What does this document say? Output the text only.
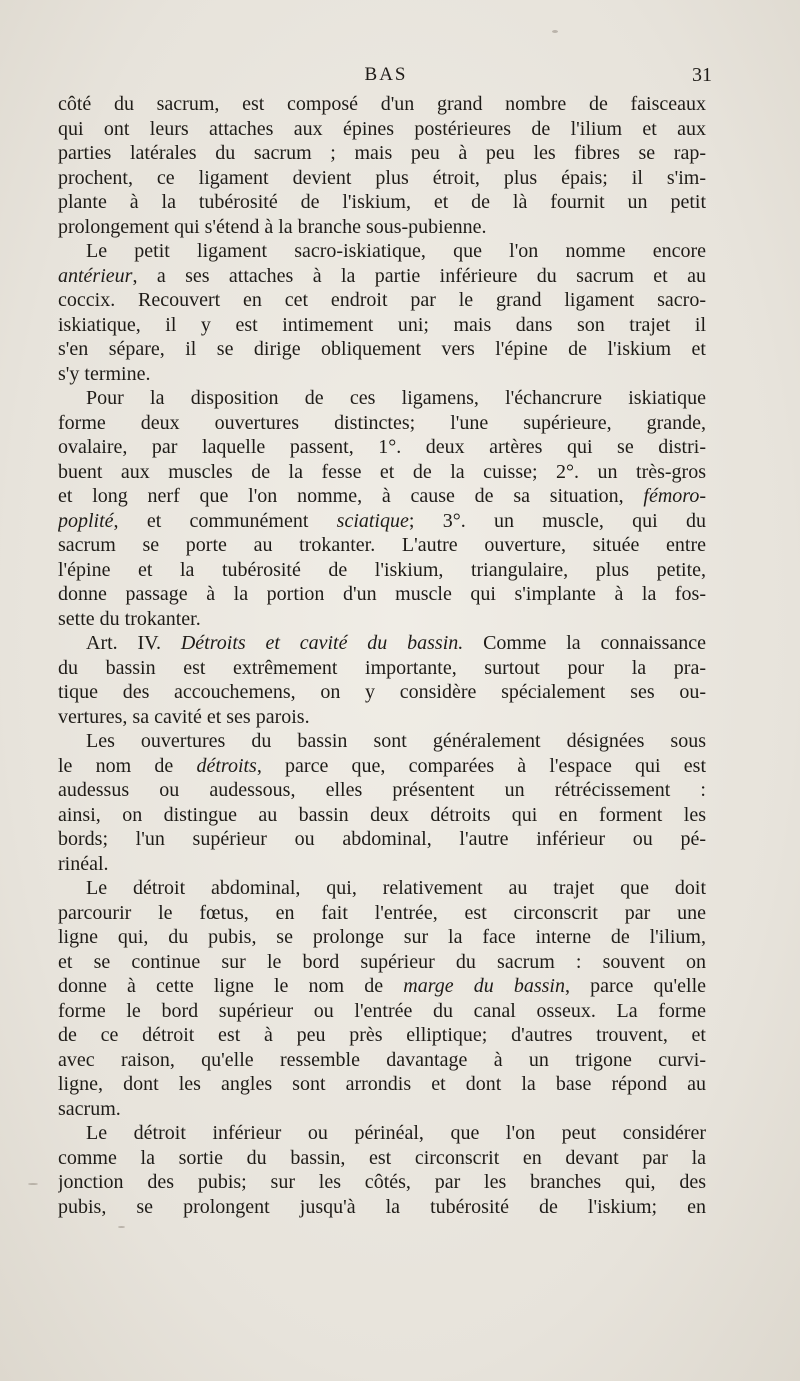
BAS	31
côté du sacrum, est composé d'un grand nombre de faisceaux
qui ont leurs attaches aux épines postérieures de l'ilium et aux
parties latérales du sacrum ; mais peu à peu les fibres se rap-
prochent, ce ligament devient plus étroit, plus épais; il s'im-
plante à la tubérosité de l'iskium, et de là fournit un petit
prolongement qui s'étend à la branche sous-pubienne.
Le petit ligament sacro-iskiatique, que l'on nomme encore
antérieur, a ses attaches à la partie inférieure du sacrum et au
coccix. Recouvert en cet endroit par le grand ligament sacro-
iskiatique, il y est intimement uni; mais dans son trajet il
s'en sépare, il se dirige obliquement vers l'épine de l'iskium et
s'y termine.
Pour la disposition de ces ligamens, l'échancrure iskiatique
forme deux ouvertures distinctes; l'une supérieure, grande,
ovalaire, par laquelle passent, 1°. deux artères qui se distri-
buent aux muscles de la fesse et de la cuisse; 2°. un très-gros
et long nerf que l'on nomme, à cause de sa situation, fémoro-
poplité, et communément sciatique; 3°. un muscle, qui du
sacrum se porte au trokanter. L'autre ouverture, située entre
l'épine et la tubérosité de l'iskium, triangulaire, plus petite,
donne passage à la portion d'un muscle qui s'implante à la fos-
sette du trokanter.
Art. IV. Détroits et cavité du bassin. Comme la connaissance
du bassin est extrêmement importante, surtout pour la pra-
tique des accouchemens, on y considère spécialement ses ou-
vertures, sa cavité et ses parois.
Les ouvertures du bassin sont généralement désignées sous
le nom de détroits, parce que, comparées à l'espace qui est
audessus ou audessous, elles présentent un rétrécissement :
ainsi, on distingue au bassin deux détroits qui en forment les
bords; l'un supérieur ou abdominal, l'autre inférieur ou pé-
rinéal.
Le détroit abdominal, qui, relativement au trajet que doit
parcourir le fœtus, en fait l'entrée, est circonscrit par une
ligne qui, du pubis, se prolonge sur la face interne de l'ilium,
et se continue sur le bord supérieur du sacrum : souvent on
donne à cette ligne le nom de marge du bassin, parce qu'elle
forme le bord supérieur ou l'entrée du canal osseux. La forme
de ce détroit est à peu près elliptique; d'autres trouvent, et
avec raison, qu'elle ressemble davantage à un trigone curvi-
ligne, dont les angles sont arrondis et dont la base répond au
sacrum.
Le détroit inférieur ou périnéal, que l'on peut considérer
comme la sortie du bassin, est circonscrit en devant par la
jonction des pubis; sur les côtés, par les branches qui, des
pubis, se prolongent jusqu'à la tubérosité de l'iskium; en
